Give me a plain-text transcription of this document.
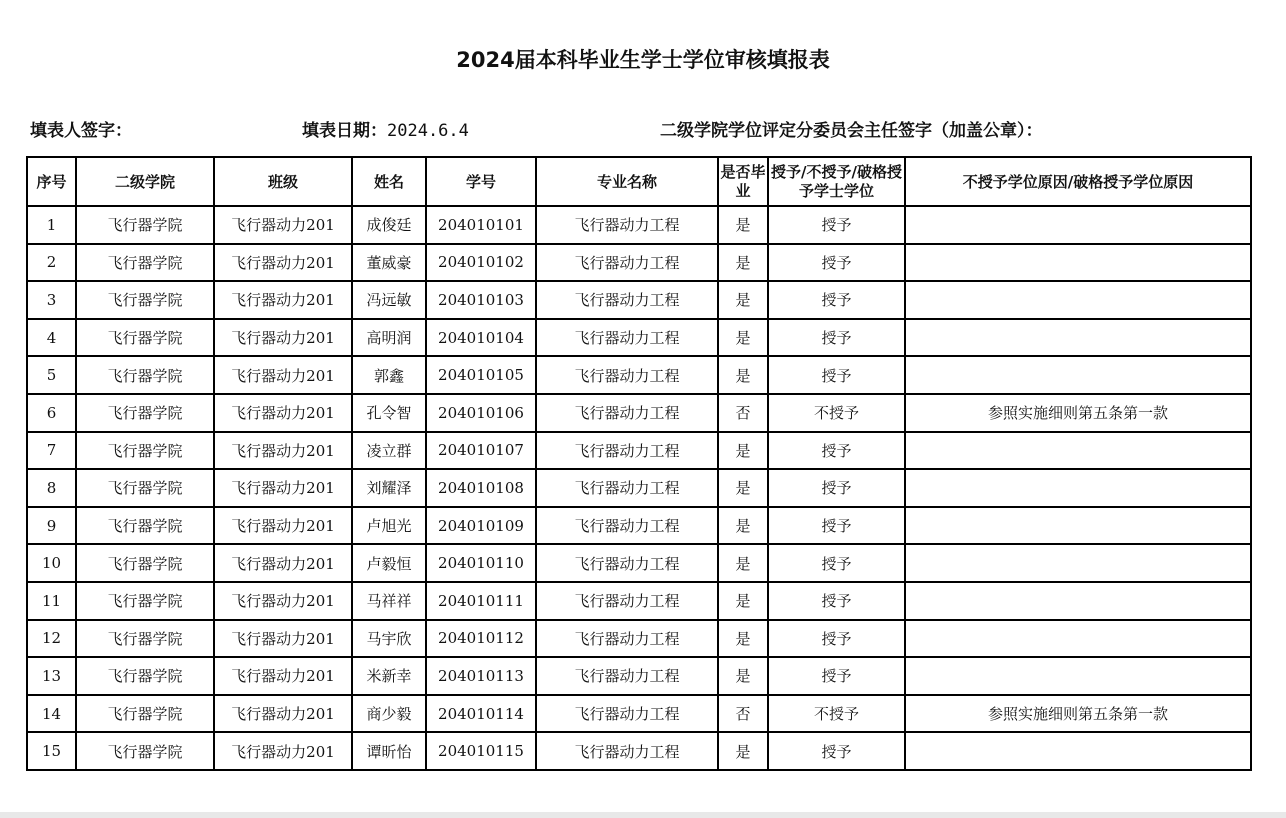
2024届本科毕业生学士学位审核填报表
填表人签字：	填表日期：2024.6.4	二级学院学位评定分委员会主任签字（加盖公章）：
序号	二级学院	班级	姓名	学号	专业名称	是否毕业	授予/不授予/破格授予学士学位	不授予学位原因/破格授予学位原因
1	飞行器学院	飞行器动力201	成俊廷	204010101	飞行器动力工程	是	授予	
2	飞行器学院	飞行器动力201	董威豪	204010102	飞行器动力工程	是	授予	
3	飞行器学院	飞行器动力201	冯远敏	204010103	飞行器动力工程	是	授予	
4	飞行器学院	飞行器动力201	高明润	204010104	飞行器动力工程	是	授予	
5	飞行器学院	飞行器动力201	郭鑫	204010105	飞行器动力工程	是	授予	
6	飞行器学院	飞行器动力201	孔令智	204010106	飞行器动力工程	否	不授予	参照实施细则第五条第一款
7	飞行器学院	飞行器动力201	凌立群	204010107	飞行器动力工程	是	授予	
8	飞行器学院	飞行器动力201	刘耀泽	204010108	飞行器动力工程	是	授予	
9	飞行器学院	飞行器动力201	卢旭光	204010109	飞行器动力工程	是	授予	
10	飞行器学院	飞行器动力201	卢毅恒	204010110	飞行器动力工程	是	授予	
11	飞行器学院	飞行器动力201	马祥祥	204010111	飞行器动力工程	是	授予	
12	飞行器学院	飞行器动力201	马宇欣	204010112	飞行器动力工程	是	授予	
13	飞行器学院	飞行器动力201	米新幸	204010113	飞行器动力工程	是	授予	
14	飞行器学院	飞行器动力201	商少毅	204010114	飞行器动力工程	否	不授予	参照实施细则第五条第一款
15	飞行器学院	飞行器动力201	谭昕怡	204010115	飞行器动力工程	是	授予	
